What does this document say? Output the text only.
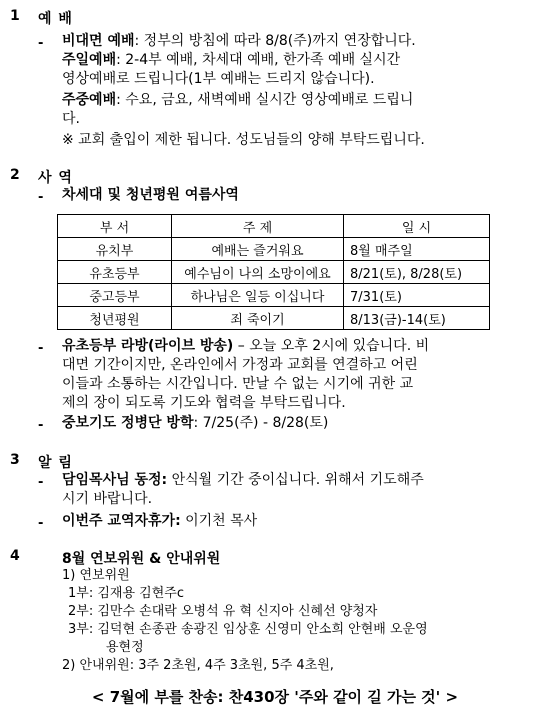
1 예 배
- 비대면 예배: 정부의 방침에 따라 8/8(주)까지 연장합니다.
주일예배: 2-4부 예배, 차세대 예배, 한가족 예배 실시간
영상예배로 드립니다(1부 예배는 드리지 않습니다).
주중예배: 수요, 금요, 새벽예배 실시간 영상예배로 드립니
다.
※ 교회 출입이 제한 됩니다. 성도님들의 양해 부탁드립니다.
2 사 역
- 차세대 및 청년평원 여름사역
부 서	주 제	일 시
유치부	예배는 즐거워요	8월 매주일
유초등부	예수님이 나의 소망이에요	8/21(토), 8/28(토)
중고등부	하나님은 일등 이십니다	7/31(토)
청년평원	죄 죽이기	8/13(금)-14(토)
- 유초등부 라방(라이브 방송) – 오늘 오후 2시에 있습니다. 비
대면 기간이지만, 온라인에서 가정과 교회를 연결하고 어린
이들과 소통하는 시간입니다. 만날 수 없는 시기에 귀한 교
제의 장이 되도록 기도와 협력을 부탁드립니다.
- 중보기도 정병단 방학: 7/25(주) - 8/28(토)
3 알 림
- 담임목사님 동정: 안식월 기간 중이십니다. 위해서 기도해주
시기 바랍니다.
- 이번주 교역자휴가: 이기천 목사
4	8월 연보위원 & 안내위원
1) 연보위원
1부: 김재용 김현주c
2부: 김만수 손대락 오병석 유 혁 신지아 신혜선 양청자
3부: 김덕현 손종관 송광진 임상훈 신영미 안소희 안현배 오운영
용현정
2) 안내위원: 3주 2초원, 4주 3초원, 5주 4초원,
< 7월에 부를 찬송: 찬430장 '주와 같이 길 가는 것' >
